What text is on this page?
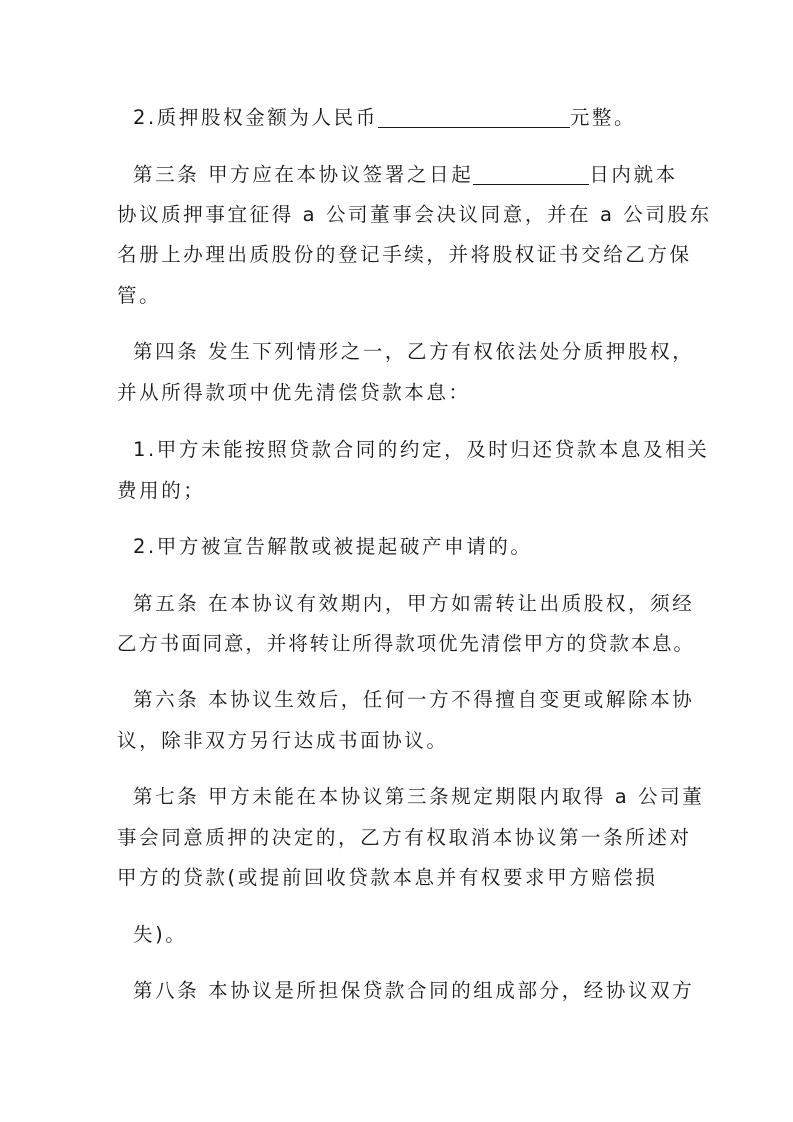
2.质押股权金额为人民币	元整。
第三条 甲方应在本协议签署之日起	日内就本
协议质押事宜征得 a 公司董事会决议同意，并在 a 公司股东
名册上办理出质股份的登记手续，并将股权证书交给乙方保
管。
第四条 发生下列情形之一，乙方有权依法处分质押股权，
并从所得款项中优先清偿贷款本息：
1.甲方未能按照贷款合同的约定，及时归还贷款本息及相关
费用的；
2.甲方被宣告解散或被提起破产申请的。
第五条 在本协议有效期内，甲方如需转让出质股权，须经
乙方书面同意，并将转让所得款项优先清偿甲方的贷款本息。
第六条 本协议生效后，任何一方不得擅自变更或解除本协
议，除非双方另行达成书面协议。
第七条 甲方未能在本协议第三条规定期限内取得 a 公司董
事会同意质押的决定的，乙方有权取消本协议第一条所述对
甲方的贷款(或提前回收贷款本息并有权要求甲方赔偿损
失)。
第八条 本协议是所担保贷款合同的组成部分，经协议双方
